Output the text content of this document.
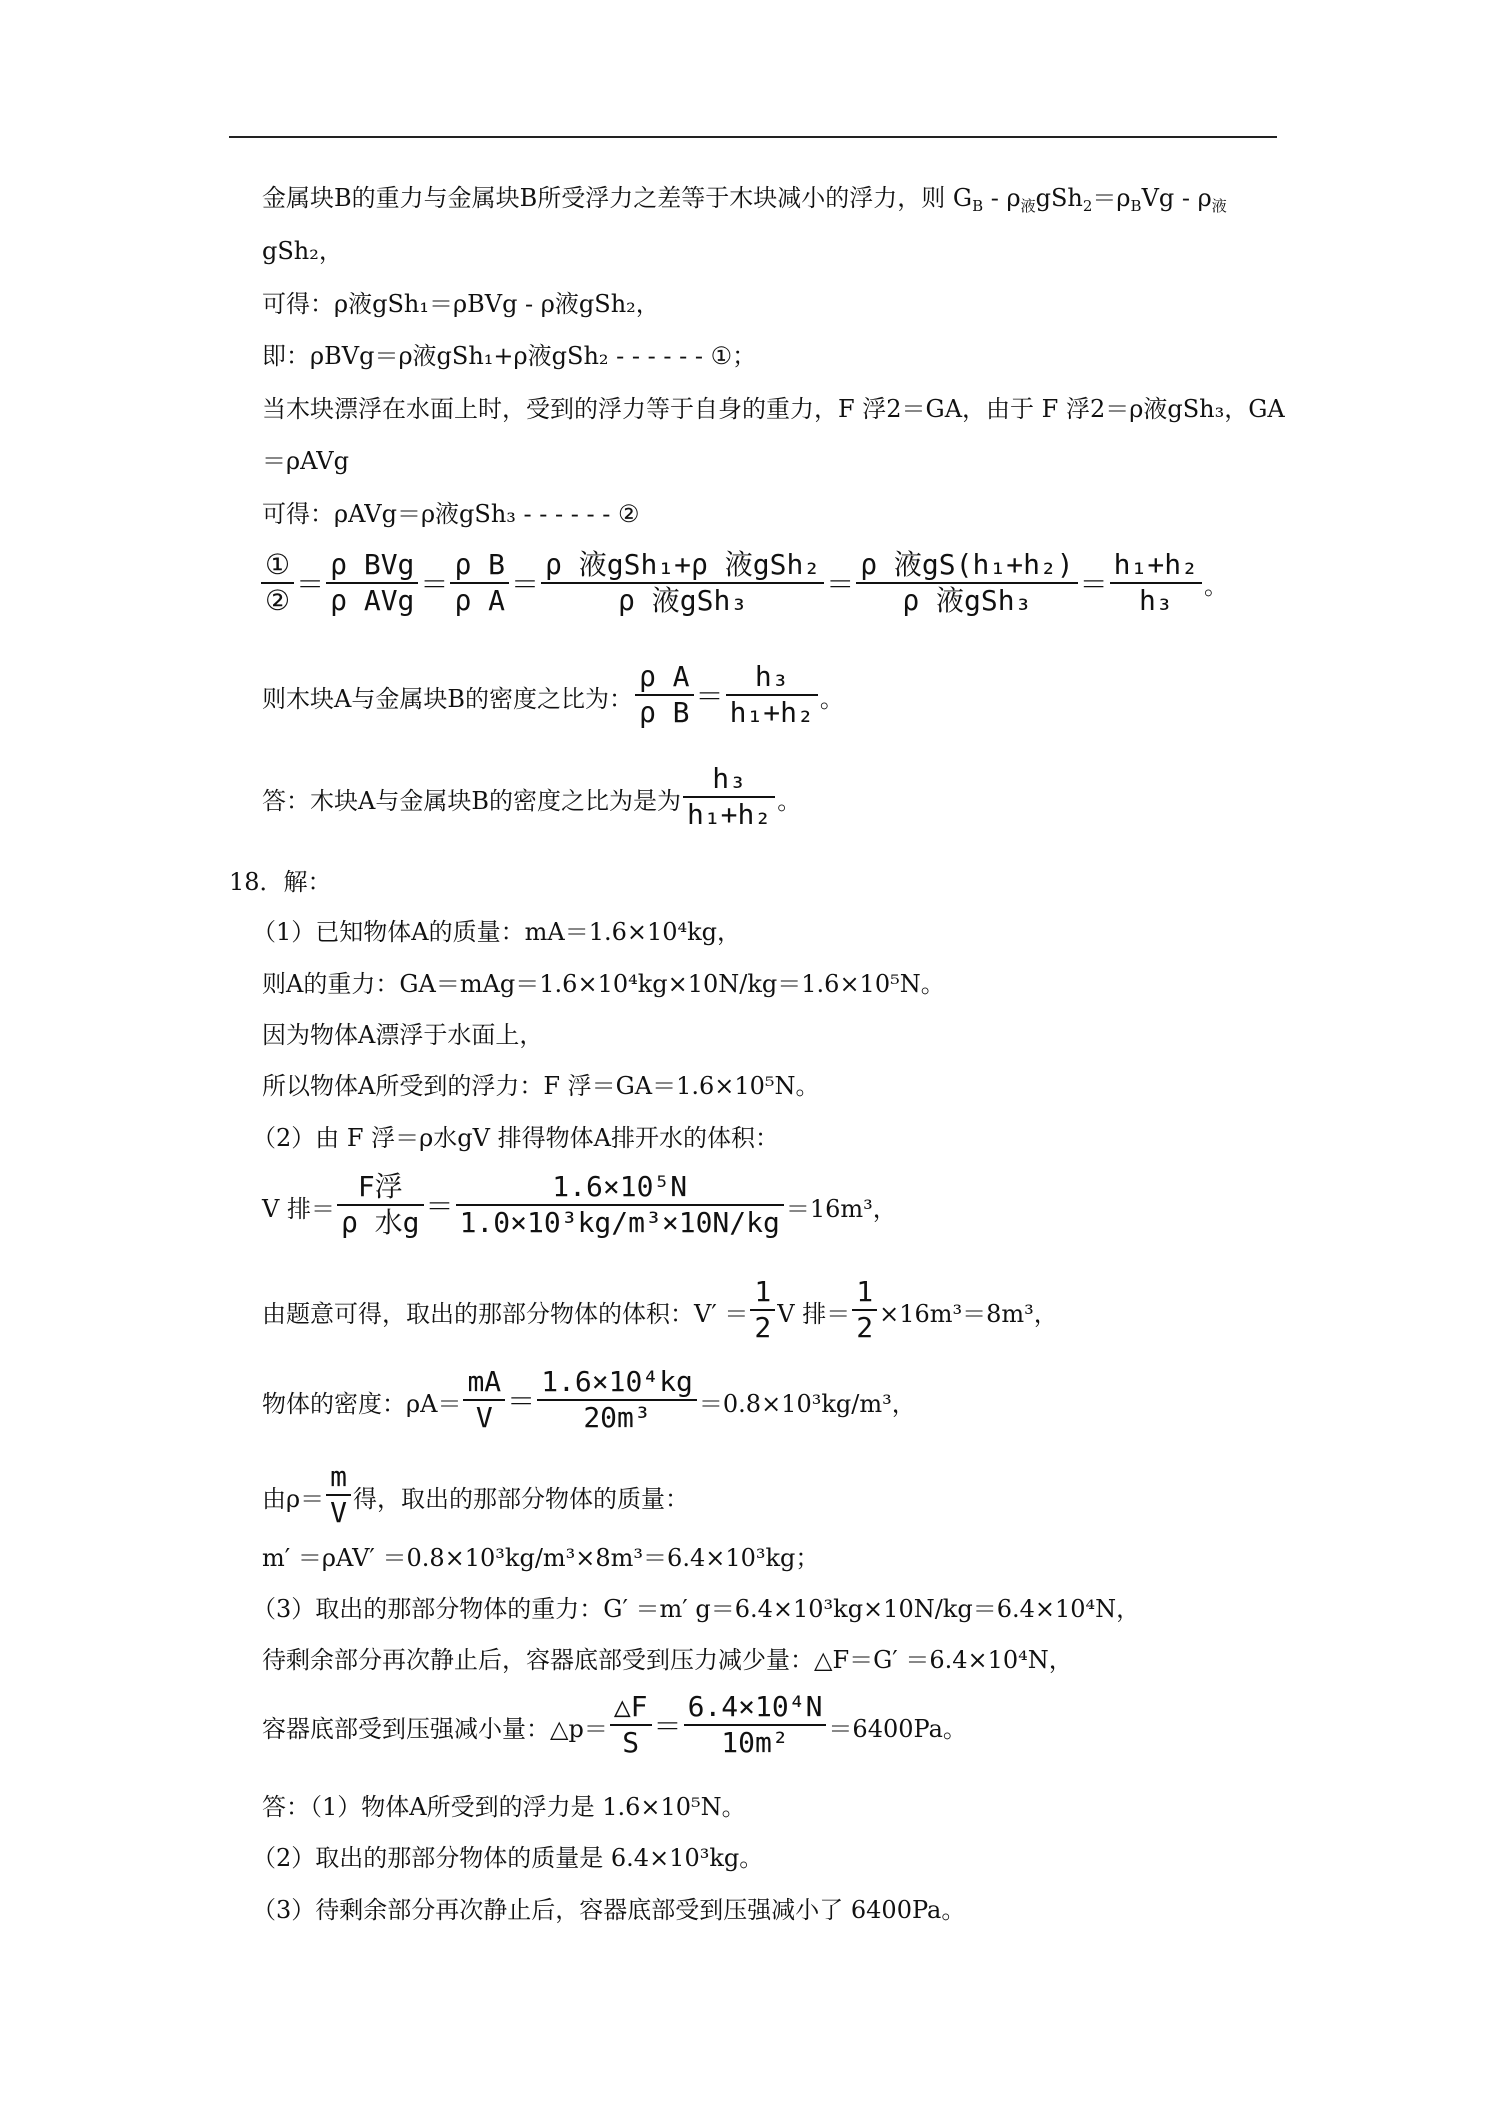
金属块B的重力与金属块B所受浮力之差等于木块减小的浮力，则 $G_B - \rho_液gSh_2=\rho_BVg - \rho_液$
gSh₂，
可得：ρ液gSh₁＝ρBVg - ρ液gSh₂，
即：ρBVg＝ρ液gSh₁+ρ液gSh₂ - - - - - - ①；
当木块漂浮在水面上时，受到的浮力等于自身的重力，F 浮2＝GA，由于 F 浮2＝ρ液gSh₃，GA
＝ρAVg
可得：ρAVg＝ρ液gSh₃ - - - - - - ②
①
② ＝
ρ BVg
ρ AVg ＝ $\frac{\text{ρ B}}{\text{ρ A}}$ ＝
ρ 液gSh₁+ρ 液gSh₂
ρ 液gSh₃	＝
ρ 液gS(h₁+h₂)
ρ 液$gSh_3 = \frac{\text{h₁+h₂}}{\text{h₃}}$ 。
则木块A与金属块B的密度之比为： $\frac{\text{ρ A}}{\text{ρ B}} = \frac{\text{h₃}}{\text{h₁+h₂}}$ 。
答：木块A与金属块B的密度之比为是为 $\frac{\text{h₃}}{\text{h₁+h₂}}$ 。
18．解：
（1）已知物体A的质量：mA＝1.6×10⁴kg，
则A的重力：GA＝mAg＝1.6×10⁴kg×10N/kg＝1.6×10⁵N。
因为物体A漂浮于水面上，
所以物体A所受到的浮力：F 浮＝GA＝1.6×10⁵N。
（2）由 F 浮＝ρ水gV 排得物体A排开水的体积：
V 排＝
F浮
ρ 水$g = \frac{\text{1.6×10⁵N}}{\text{1.0×10³kg/m³×10N/kg}} =16m^3$，
由题意可得，取出的那部分物体的体积：$V' = \frac{1}{2}$ V 排＝ $\frac{1}{2} \times 16m^3=8m^3$，
物体的密度：$\rho A= \frac{mA}{V} = \frac{\text{1.6×10⁴kg}}{\text{20m³}} =0.8\times 10^3kg/m^3$，
由$\rho= \frac{m}{V}$ 得，取出的那部分物体的质量：
m′ ＝ρAV′ ＝0.8×10³kg/m³×8m³＝6.4×10³kg；
（3）取出的那部分物体的重力：G′ ＝m′ g＝6.4×10³kg×10N/kg＝6.4×10⁴N，
待剩余部分再次静止后，容器底部受到压力减少量：△F＝G′ ＝6.4×10⁴N，
容器底部受到压强减小量：△p＝ $\frac{\triangle F}{S} = \frac{\text{6.4×10⁴N}}{\text{10m²}} =6400Pa$。
答：（1）物体A所受到的浮力是 1.6×10⁵N。
（2）取出的那部分物体的质量是 6.4×10³kg。
（3）待剩余部分再次静止后，容器底部受到压强减小了 6400Pa。
